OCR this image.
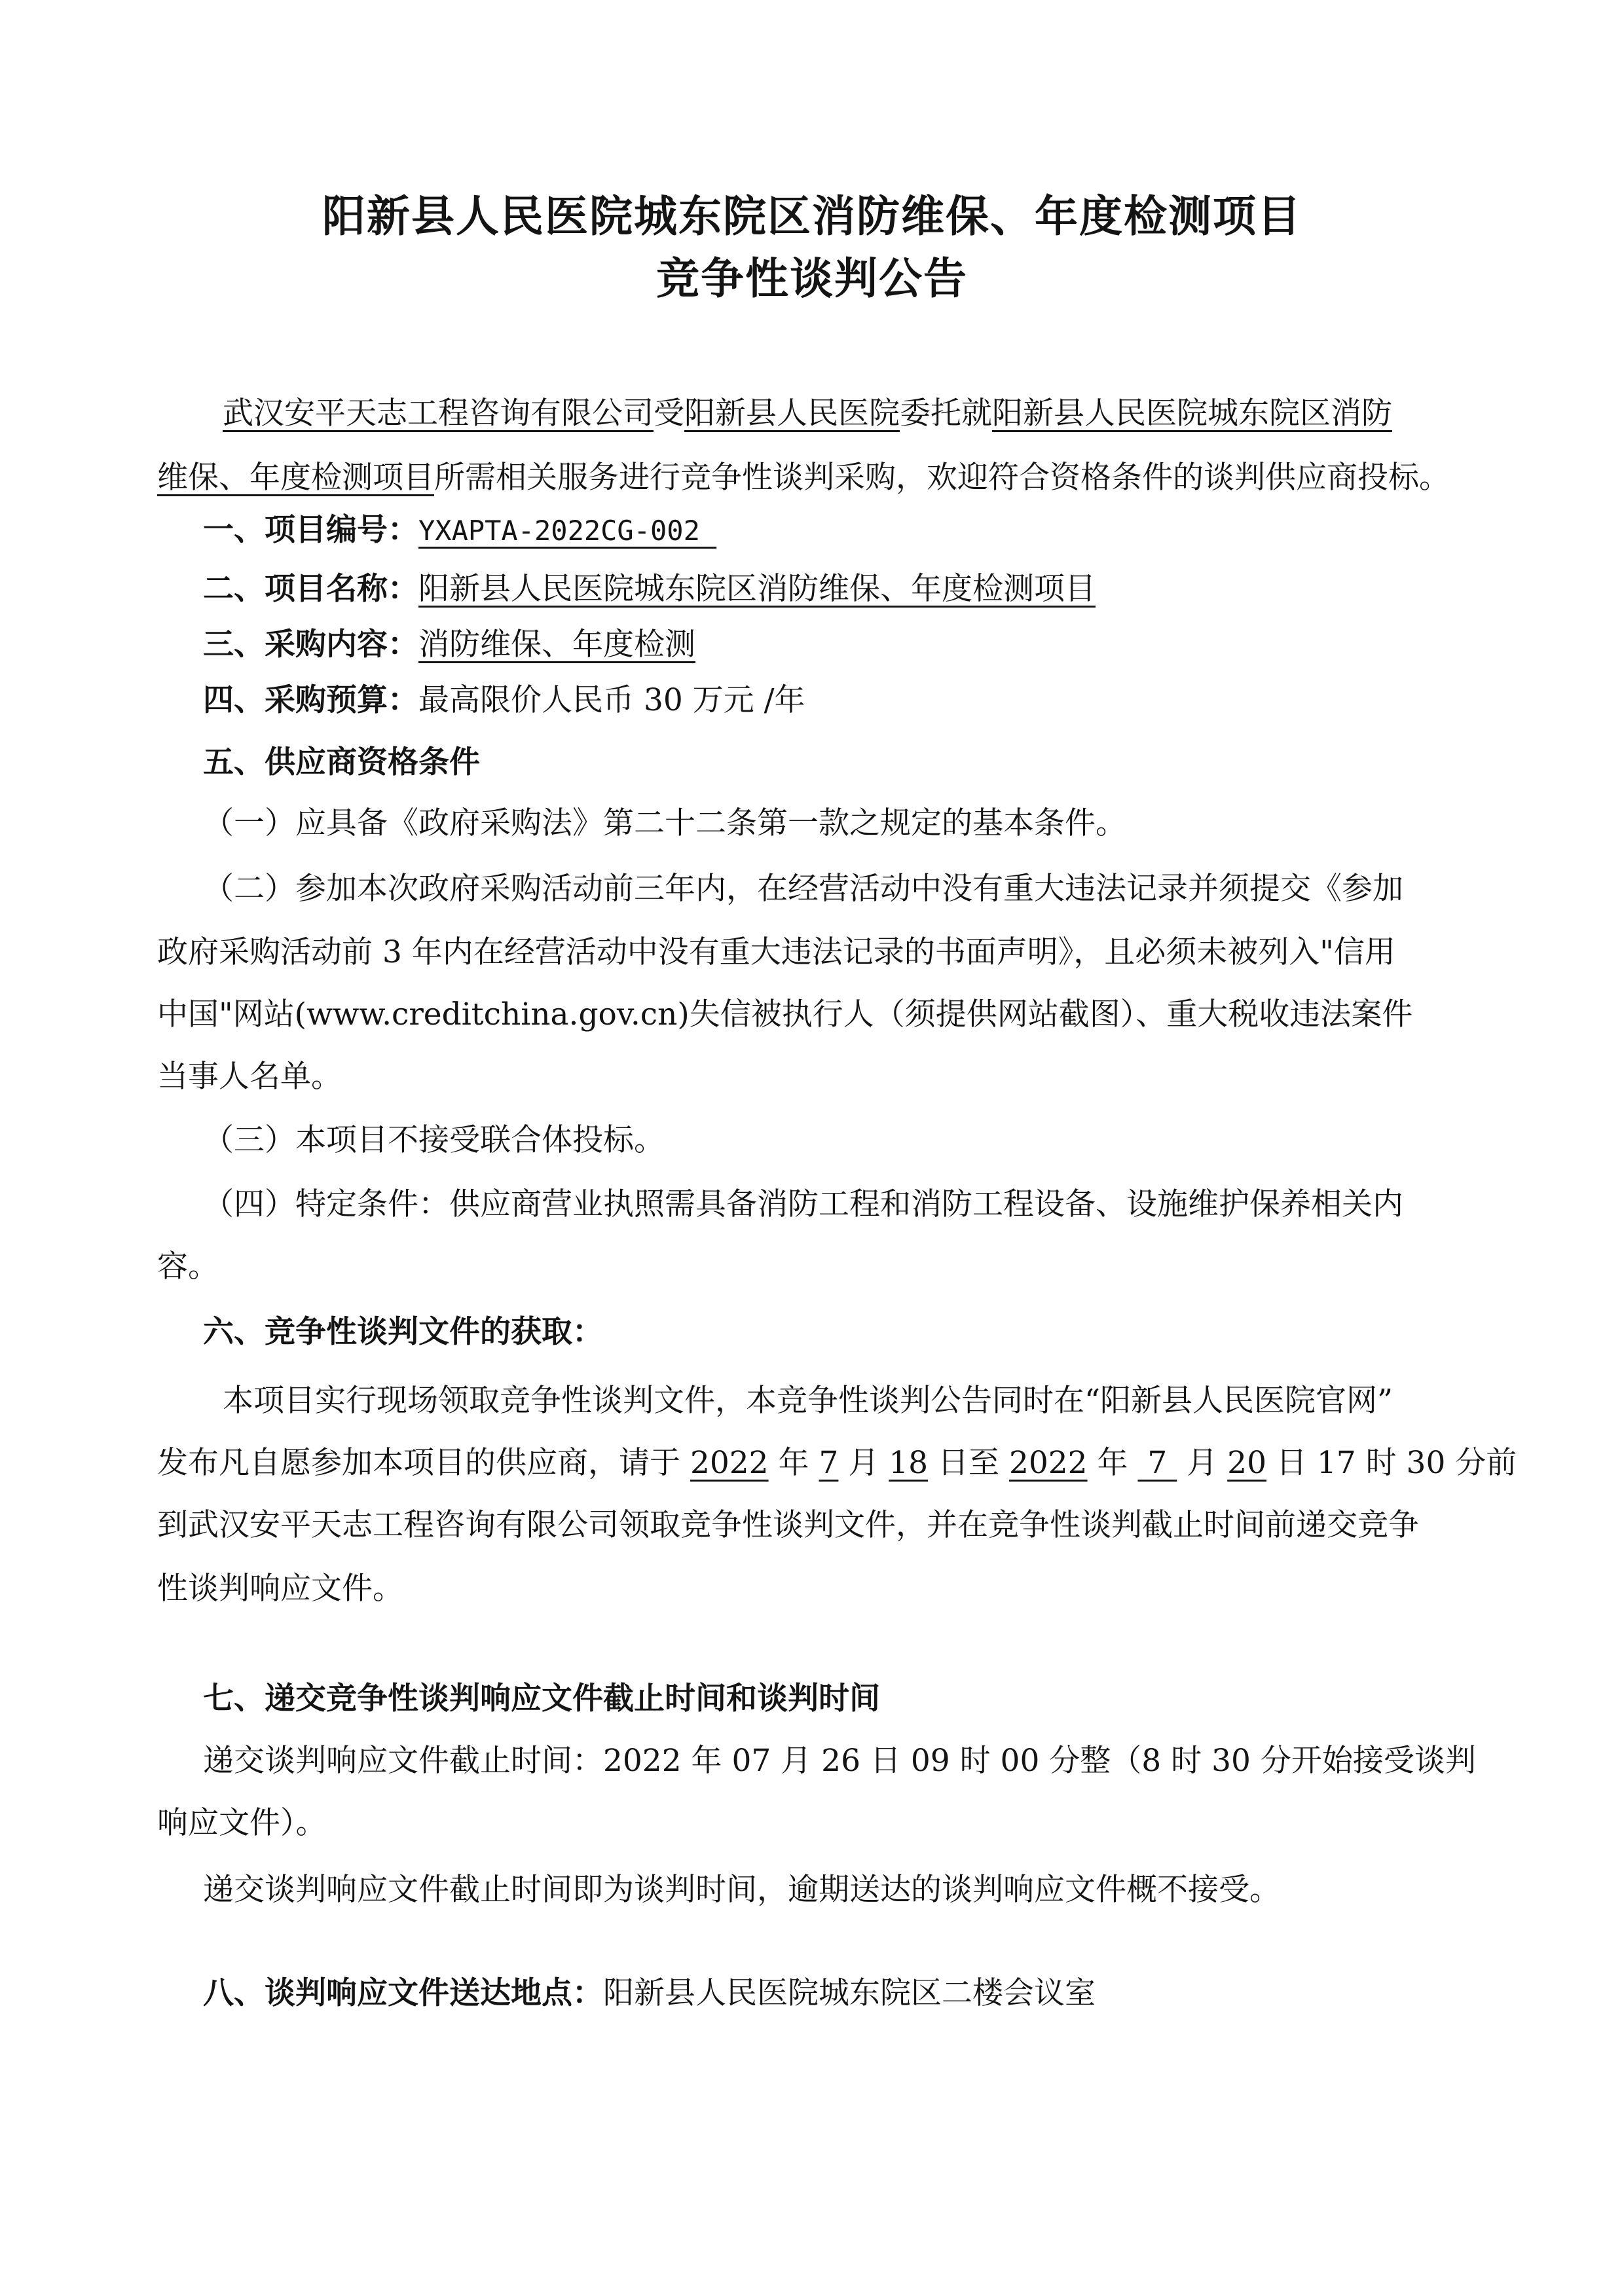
阳新县人民医院城东院区消防维保、年度检测项目
竞争性谈判公告
武汉安平天志工程咨询有限公司受阳新县人民医院委托就阳新县人民医院城东院区消防
维保、年度检测项目所需相关服务进行竞争性谈判采购，欢迎符合资格条件的谈判供应商投标。
一、项目编号：YXAPTA-2022CG-002
二、项目名称：阳新县人民医院城东院区消防维保、年度检测项目
三、采购内容：消防维保、年度检测
四、采购预算：最高限价人民币 30 万元 /年
五、供应商资格条件
（一）应具备《政府采购法》第二十二条第一款之规定的基本条件。
（二）参加本次政府采购活动前三年内，在经营活动中没有重大违法记录并须提交《参加
政府采购活动前 3 年内在经营活动中没有重大违法记录的书面声明》，且必须未被列入"信用
中国"网站(www.creditchina.gov.cn)失信被执行人（须提供网站截图）、重大税收违法案件
当事人名单。
（三）本项目不接受联合体投标。
（四）特定条件：供应商营业执照需具备消防工程和消防工程设备、设施维护保养相关内
容。
六、竞争性谈判文件的获取：
本项目实行现场领取竞争性谈判文件，本竞争性谈判公告同时在“阳新县人民医院官网”
发布凡自愿参加本项目的供应商，请于 2022 年 7 月 18 日至 2022 年  7  月 20 日 17 时 30 分前
到武汉安平天志工程咨询有限公司领取竞争性谈判文件，并在竞争性谈判截止时间前递交竞争
性谈判响应文件。
七、递交竞争性谈判响应文件截止时间和谈判时间
递交谈判响应文件截止时间：2022 年 07 月 26 日 09 时 00 分整（8 时 30 分开始接受谈判
响应文件）。
递交谈判响应文件截止时间即为谈判时间，逾期送达的谈判响应文件概不接受。
八、谈判响应文件送达地点：阳新县人民医院城东院区二楼会议室
